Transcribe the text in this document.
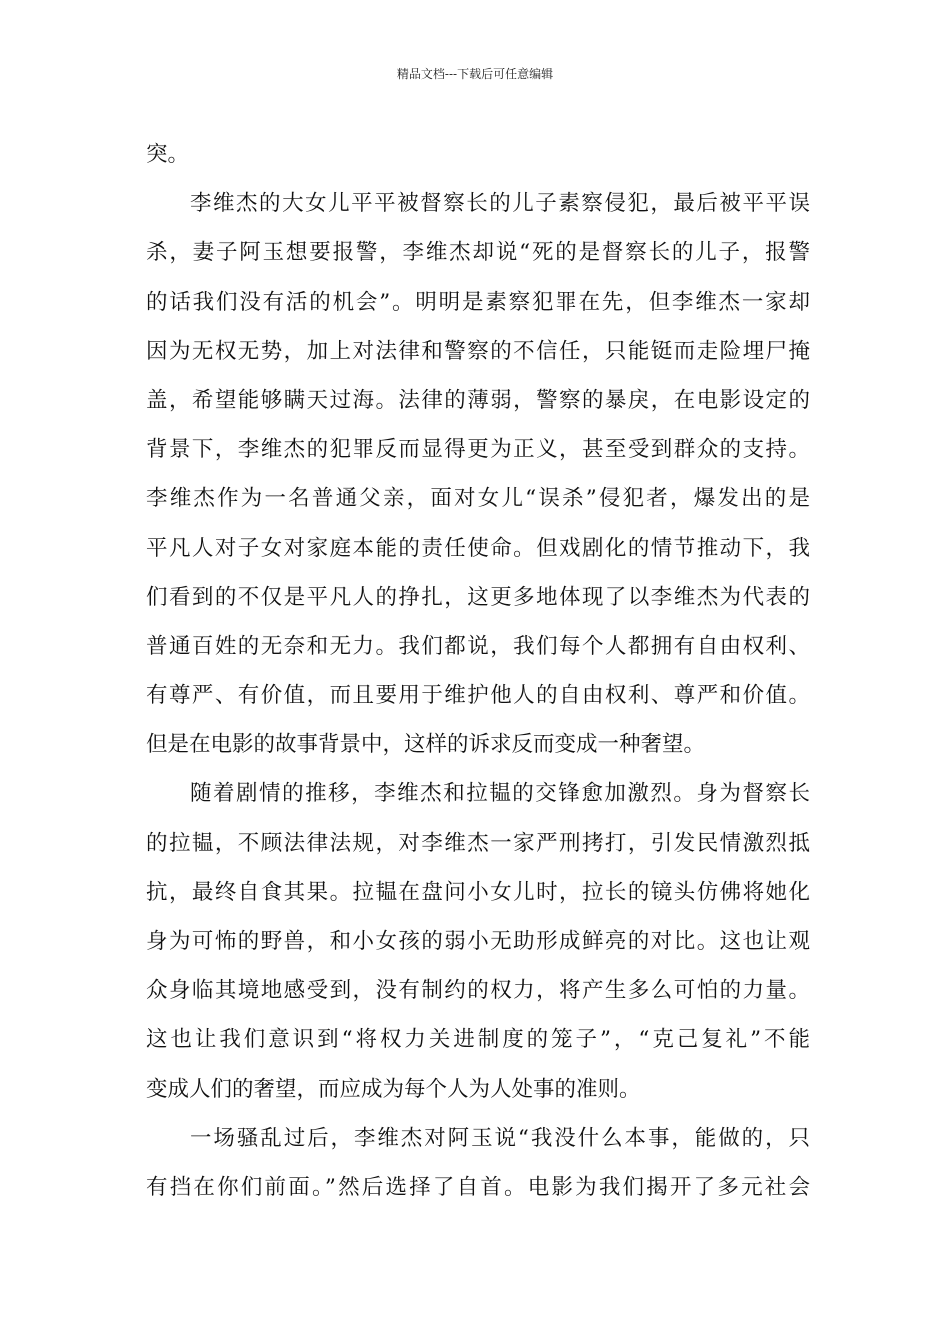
精品文档---下载后可任意编辑
突。
李维杰的大女儿平平被督察长的儿子素察侵犯，最后被平平误
杀，妻子阿玉想要报警，李维杰却说“死的是督察长的儿子，报警
的话我们没有活的机会”。明明是素察犯罪在先，但李维杰一家却
因为无权无势，加上对法律和警察的不信任，只能铤而走险埋尸掩
盖，希望能够瞒天过海。法律的薄弱，警察的暴戾，在电影设定的
背景下，李维杰的犯罪反而显得更为正义，甚至受到群众的支持。
李维杰作为一名普通父亲，面对女儿“误杀”侵犯者，爆发出的是
平凡人对子女对家庭本能的责任使命。但戏剧化的情节推动下，我
们看到的不仅是平凡人的挣扎，这更多地体现了以李维杰为代表的
普通百姓的无奈和无力。我们都说，我们每个人都拥有自由权利、
有尊严、有价值，而且要用于维护他人的自由权利、尊严和价值。
但是在电影的故事背景中，这样的诉求反而变成一种奢望。
随着剧情的推移，李维杰和拉韫的交锋愈加激烈。身为督察长
的拉韫，不顾法律法规，对李维杰一家严刑拷打，引发民情激烈抵
抗，最终自食其果。拉韫在盘问小女儿时，拉长的镜头仿佛将她化
身为可怖的野兽，和小女孩的弱小无助形成鲜亮的对比。这也让观
众身临其境地感受到，没有制约的权力，将产生多么可怕的力量。
这也让我们意识到“将权力关进制度的笼子”，“克己复礼”不能
变成人们的奢望，而应成为每个人为人处事的准则。
一场骚乱过后，李维杰对阿玉说“我没什么本事，能做的，只
有挡在你们前面。”然后选择了自首。电影为我们揭开了多元社会
